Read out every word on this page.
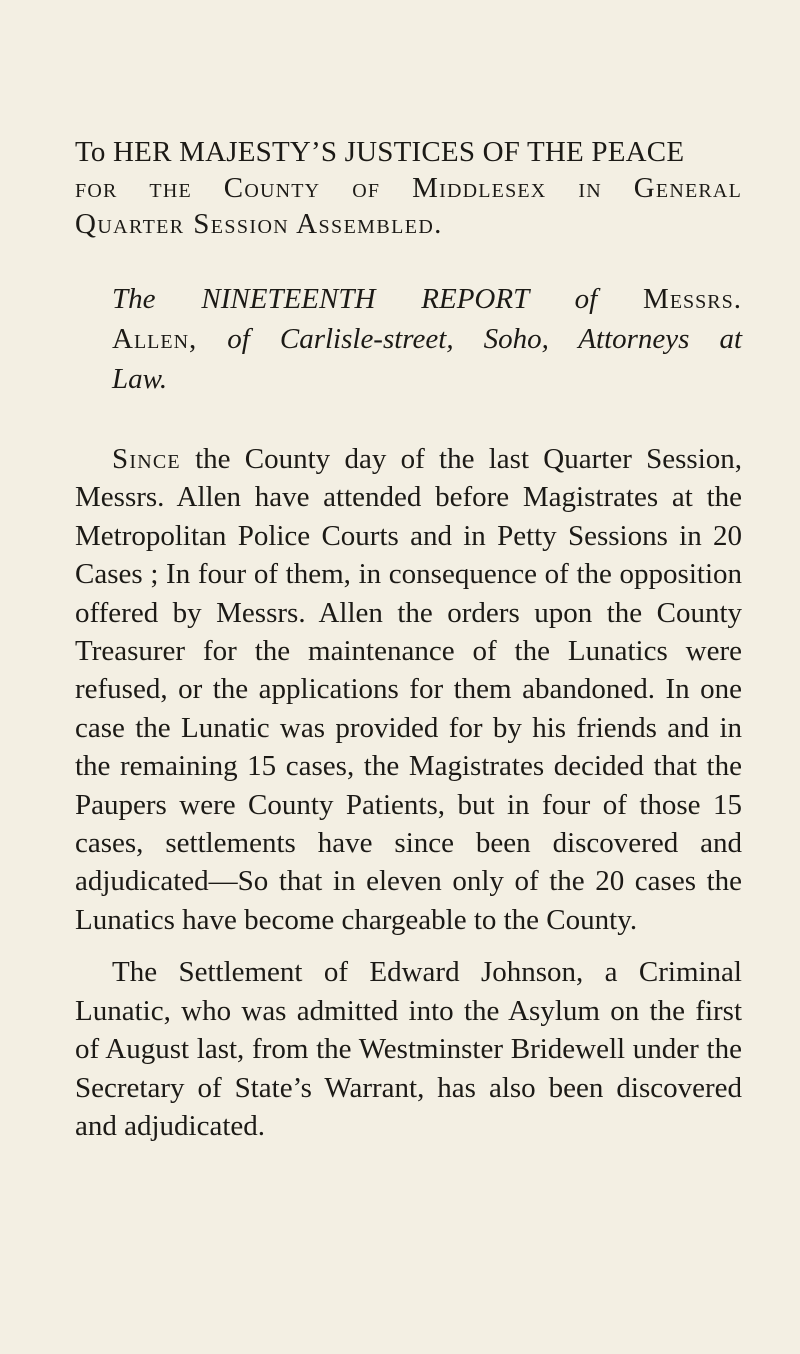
To HER MAJESTY’S JUSTICES OF THE PEACE
for the County of Middlesex in General
Quarter Session Assembled.
The NINETEENTH REPORT of Messrs.
Allen, of Carlisle-street, Soho, Attorneys at
Law.

Since the County day of the last Quarter Session, Messrs. Allen have attended before Magistrates at the Metropolitan Police Courts and in Petty Sessions in 20 Cases ; In four of them, in consequence of the opposition offered by Messrs. Allen the orders upon the County Treasurer for the maintenance of the Lunatics were refused, or the applications for them abandoned. In one case the Lunatic was provided for by his friends and in the remaining 15 cases, the Magistrates decided that the Paupers were County Patients, but in four of those 15 cases, settlements have since been discovered and adjudicated—So that in eleven only of the 20 cases the Lunatics have become chargeable to the County.

The Settlement of Edward Johnson, a Criminal Lunatic, who was admitted into the Asylum on the first of August last, from the Westminster Bridewell under the Secretary of State’s Warrant, has also been discovered and adjudicated.
